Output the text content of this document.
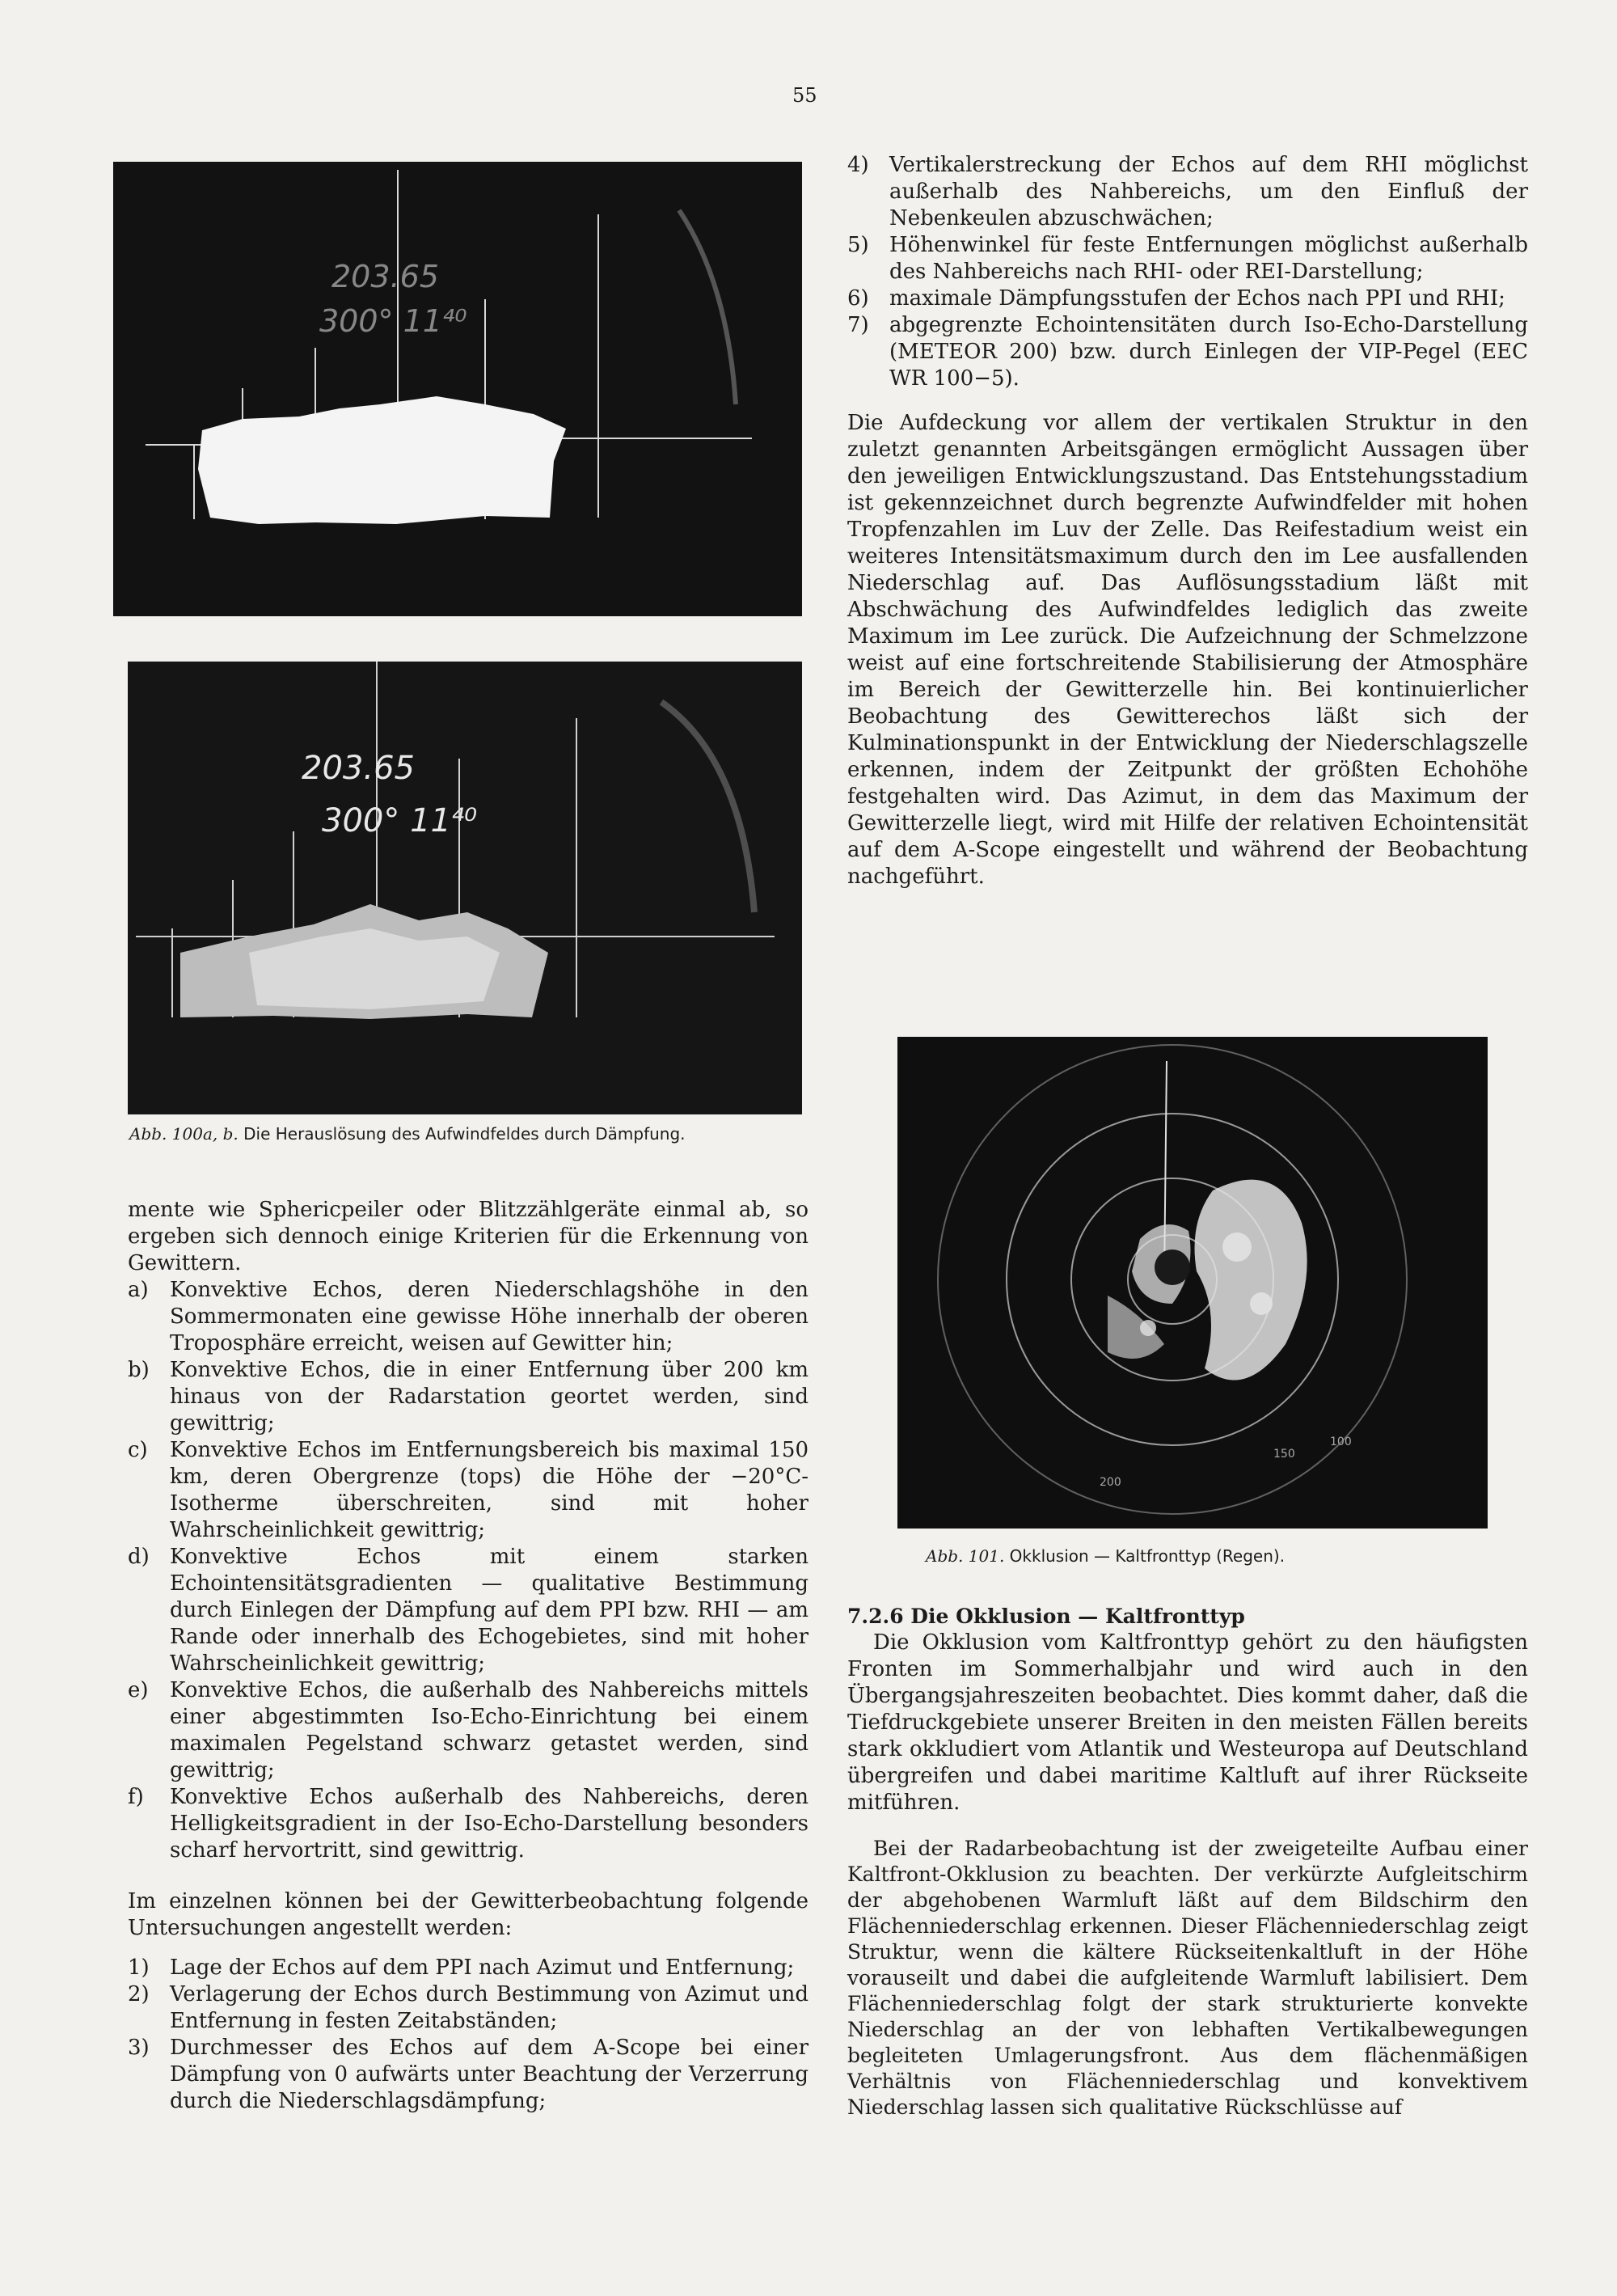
55
203.65
300° 11⁴⁰
203.65
300° 11⁴⁰
Abb. 100a, b. Die Herauslösung des Aufwindfeldes durch Dämpfung.

mente wie Sphericpeiler oder Blitzzählgeräte einmal ab, so ergeben sich dennoch einige Kriterien für die Erkennung von Gewittern.

a) Konvektive Echos, deren Niederschlagshöhe in den Sommermonaten eine gewisse Höhe innerhalb der oberen Troposphäre erreicht, weisen auf Gewitter hin;
b) Konvektive Echos, die in einer Entfernung über 200 km hinaus von der Radarstation geortet werden, sind gewittrig;
c) Konvektive Echos im Entfernungsbereich bis maximal 150 km, deren Obergrenze (tops) die Höhe der −20°C-Isotherme überschreiten, sind mit hoher Wahrscheinlichkeit gewittrig;
d) Konvektive Echos mit einem starken Echointensitätsgradienten — qualitative Bestimmung durch Einlegen der Dämpfung auf dem PPI bzw. RHI — am Rande oder innerhalb des Echogebietes, sind mit hoher Wahrscheinlichkeit gewittrig;
e) Konvektive Echos, die außerhalb des Nahbereichs mittels einer abgestimmten Iso-Echo-Einrichtung bei einem maximalen Pegelstand schwarz getastet werden, sind gewittrig;
f) Konvektive Echos außerhalb des Nahbereichs, deren Helligkeitsgradient in der Iso-Echo-Darstellung besonders scharf hervortritt, sind gewittrig.

Im einzelnen können bei der Gewitterbeobachtung folgende Untersuchungen angestellt werden:

1) Lage der Echos auf dem PPI nach Azimut und Entfernung;
2) Verlagerung der Echos durch Bestimmung von Azimut und Entfernung in festen Zeitabständen;
3) Durchmesser des Echos auf dem A-Scope bei einer Dämpfung von 0 aufwärts unter Beachtung der Verzerrung durch die Niederschlagsdämpfung;
4) Vertikalerstreckung der Echos auf dem RHI möglichst außerhalb des Nahbereichs, um den Einfluß der Nebenkeulen abzuschwächen;
5) Höhenwinkel für feste Entfernungen möglichst außerhalb des Nahbereichs nach RHI- oder REI-Darstellung;
6) maximale Dämpfungsstufen der Echos nach PPI und RHI;
7) abgegrenzte Echointensitäten durch Iso-Echo-Darstellung (METEOR 200) bzw. durch Einlegen der VIP-Pegel (EEC WR 100−5).

Die Aufdeckung vor allem der vertikalen Struktur in den zuletzt genannten Arbeitsgängen ermöglicht Aussagen über den jeweiligen Entwicklungszustand. Das Entstehungsstadium ist gekennzeichnet durch begrenzte Aufwindfelder mit hohen Tropfenzahlen im Luv der Zelle. Das Reifestadium weist ein weiteres Intensitätsmaximum durch den im Lee ausfallenden Niederschlag auf. Das Auflösungsstadium läßt mit Abschwächung des Aufwindfeldes lediglich das zweite Maximum im Lee zurück. Die Aufzeichnung der Schmelzzone weist auf eine fortschreitende Stabilisierung der Atmosphäre im Bereich der Gewitterzelle hin. Bei kontinuierlicher Beobachtung des Gewitterechos läßt sich der Kulminationspunkt in der Entwicklung der Niederschlagszelle erkennen, indem der Zeitpunkt der größten Echohöhe festgehalten wird. Das Azimut, in dem das Maximum der Gewitterzelle liegt, wird mit Hilfe der relativen Echointensität auf dem A-Scope eingestellt und während der Beobachtung nachgeführt.

200
150
100
Abb. 101. Okklusion — Kaltfronttyp (Regen).

7.2.6 Die Okklusion — Kaltfronttyp

Die Okklusion vom Kaltfronttyp gehört zu den häufigsten Fronten im Sommerhalbjahr und wird auch in den Übergangsjahreszeiten beobachtet. Dies kommt daher, daß die Tiefdruckgebiete unserer Breiten in den meisten Fällen bereits stark okkludiert vom Atlantik und Westeuropa auf Deutschland übergreifen und dabei maritime Kaltluft auf ihrer Rückseite mitführen.

Bei der Radarbeobachtung ist der zweigeteilte Aufbau einer Kaltfront-Okklusion zu beachten. Der verkürzte Aufgleitschirm der abgehobenen Warmluft läßt auf dem Bildschirm den Flächenniederschlag erkennen. Dieser Flächenniederschlag zeigt Struktur, wenn die kältere Rückseitenkaltluft in der Höhe vorauseilt und dabei die aufgleitende Warmluft labilisiert. Dem Flächenniederschlag folgt der stark strukturierte konvekte Niederschlag an der von lebhaften Vertikalbewegungen begleiteten Umlagerungsfront. Aus dem flächenmäßigen Verhältnis von Flächenniederschlag und konvektivem Niederschlag lassen sich qualitative Rückschlüsse auf
